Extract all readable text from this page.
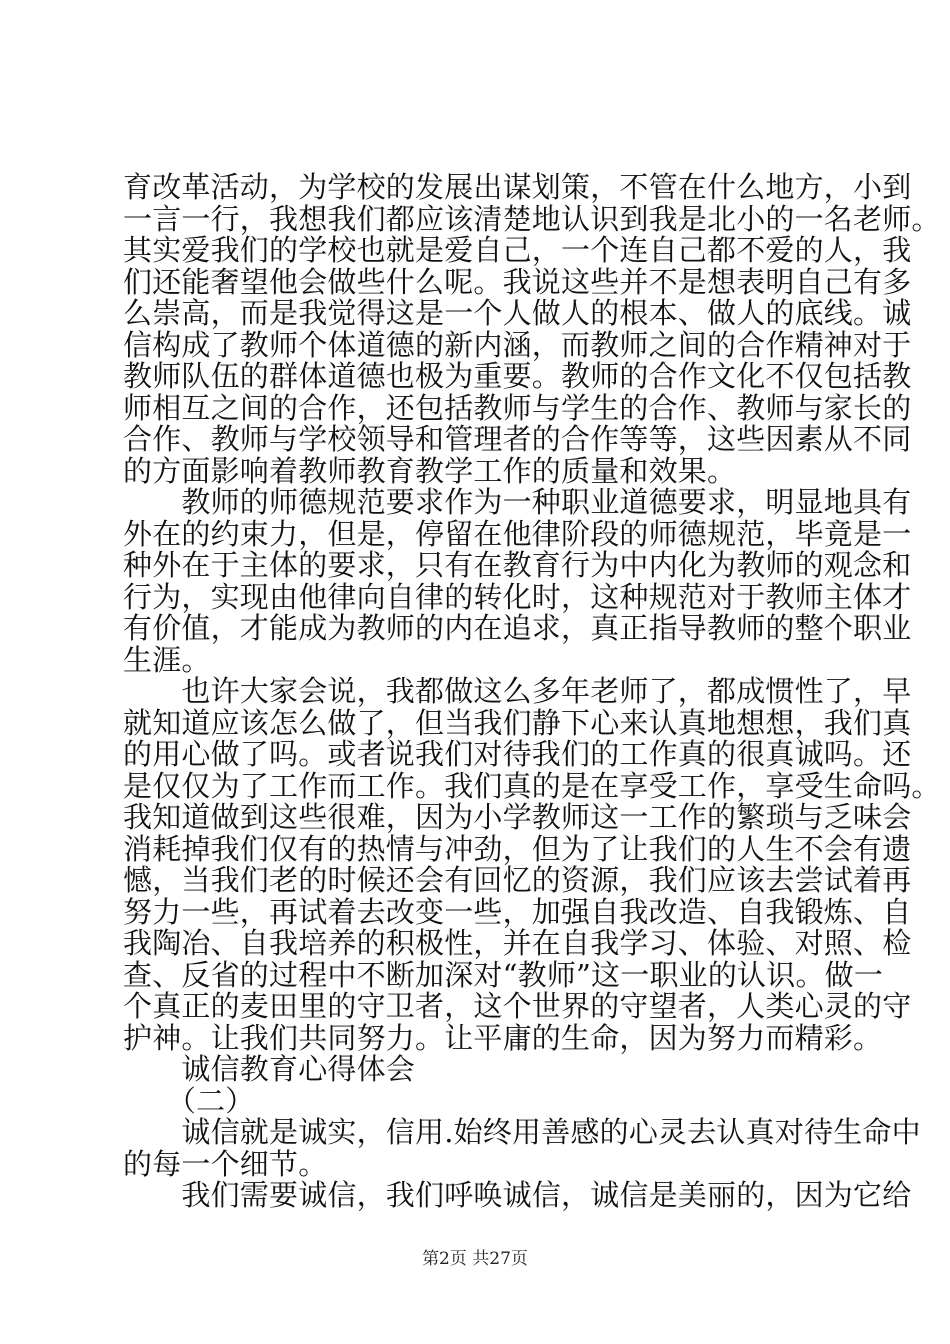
育改革活动，为学校的发展出谋划策，不管在什么地方，小到
一言一行，我想我们都应该清楚地认识到我是北小的一名老师。
其实爱我们的学校也就是爱自己，一个连自己都不爱的人，我
们还能奢望他会做些什么呢。我说这些并不是想表明自己有多
么崇高，而是我觉得这是一个人做人的根本、做人的底线。诚
信构成了教师个体道德的新内涵，而教师之间的合作精神对于
教师队伍的群体道德也极为重要。教师的合作文化不仅包括教
师相互之间的合作，还包括教师与学生的合作、教师与家长的
合作、教师与学校领导和管理者的合作等等，这些因素从不同
的方面影响着教师教育教学工作的质量和效果。
　　教师的师德规范要求作为一种职业道德要求，明显地具有
外在的约束力，但是，停留在他律阶段的师德规范，毕竟是一
种外在于主体的要求，只有在教育行为中内化为教师的观念和
行为，实现由他律向自律的转化时，这种规范对于教师主体才
有价值，才能成为教师的内在追求，真正指导教师的整个职业
生涯。
　　也许大家会说，我都做这么多年老师了，都成惯性了，早
就知道应该怎么做了，但当我们静下心来认真地想想，我们真
的用心做了吗。或者说我们对待我们的工作真的很真诚吗。还
是仅仅为了工作而工作。我们真的是在享受工作，享受生命吗。
我知道做到这些很难，因为小学教师这一工作的繁琐与乏味会
消耗掉我们仅有的热情与冲劲，但为了让我们的人生不会有遗
憾，当我们老的时候还会有回忆的资源，我们应该去尝试着再
努力一些，再试着去改变一些，加强自我改造、自我锻炼、自
我陶冶、自我培养的积极性，并在自我学习、体验、对照、检
查、反省的过程中不断加深对“教师”这一职业的认识。做一
个真正的麦田里的守卫者，这个世界的守望者，人类心灵的守
护神。让我们共同努力。让平庸的生命，因为努力而精彩。
　　诚信教育心得体会
　　（二）
　　诚信就是诚实，信用.始终用善感的心灵去认真对待生命中
的每一个细节。
　　我们需要诚信，我们呼唤诚信，诚信是美丽的，因为它给
第2页 共27页
